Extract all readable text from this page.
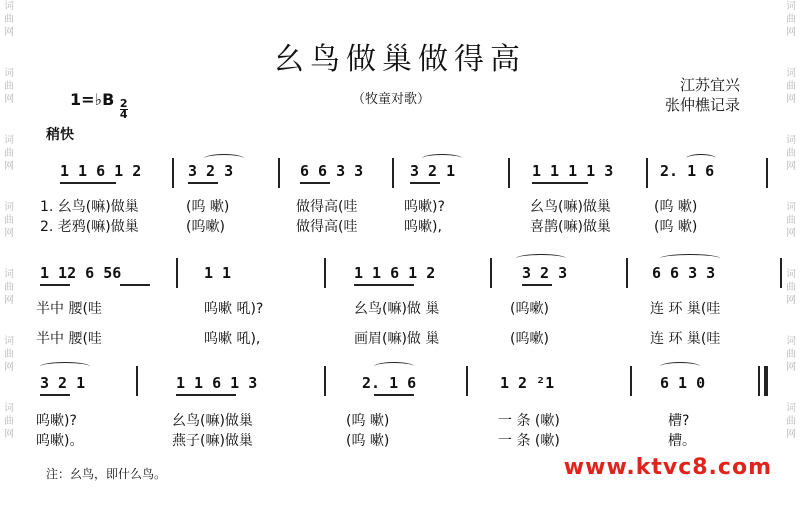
词
曲
网
词
曲
网
词
曲
网
词
曲
网
词
曲
网
词
曲
网
词
曲
网
词
曲
网
词
曲
网
词
曲
网
词
曲
网
词
曲
网
词
曲
网
词
曲
网
幺鸟做巢做得高
1=♭B $\frac{2}{4}$	（牧童对歌）
江苏宜兴
张仲樵记录
稍快
1 1 6 1 2	3 2 3	6 6 3 3	3 2 1	1 1 1 1 3	2. 1 6
1. 幺鸟(嘛)做巢	(呜 嗽)	做得高(哇	呜嗽)?	幺鸟(嘛)做巢	(呜 嗽)
2. 老鸦(嘛)做巢	(呜嗽)	做得高(哇	呜嗽),	喜鹊(嘛)做巢	(呜 嗽)
1 12 6 56	1 1	1 1 6 1 2	3 2 3	6 6 3 3
半中 腰(哇	呜嗽 吼)?	幺鸟(嘛)做 巢	(呜嗽)	连 环 巢(哇
半中 腰(哇	呜嗽 吼),	画眉(嘛)做 巢	(呜嗽)	连 环 巢(哇
3 2 1	1 1 6 1 3	2. 1 6	1 2 ²1	6 1 0
呜嗽)?	幺鸟(嘛)做巢	(呜 嗽)	一 条 (嗽)	槽?
呜嗽)。	燕子(嘛)做巢	(呜 嗽)	一 条 (嗽)	槽。
注：幺鸟，即什么鸟。	www.ktvc8.com
